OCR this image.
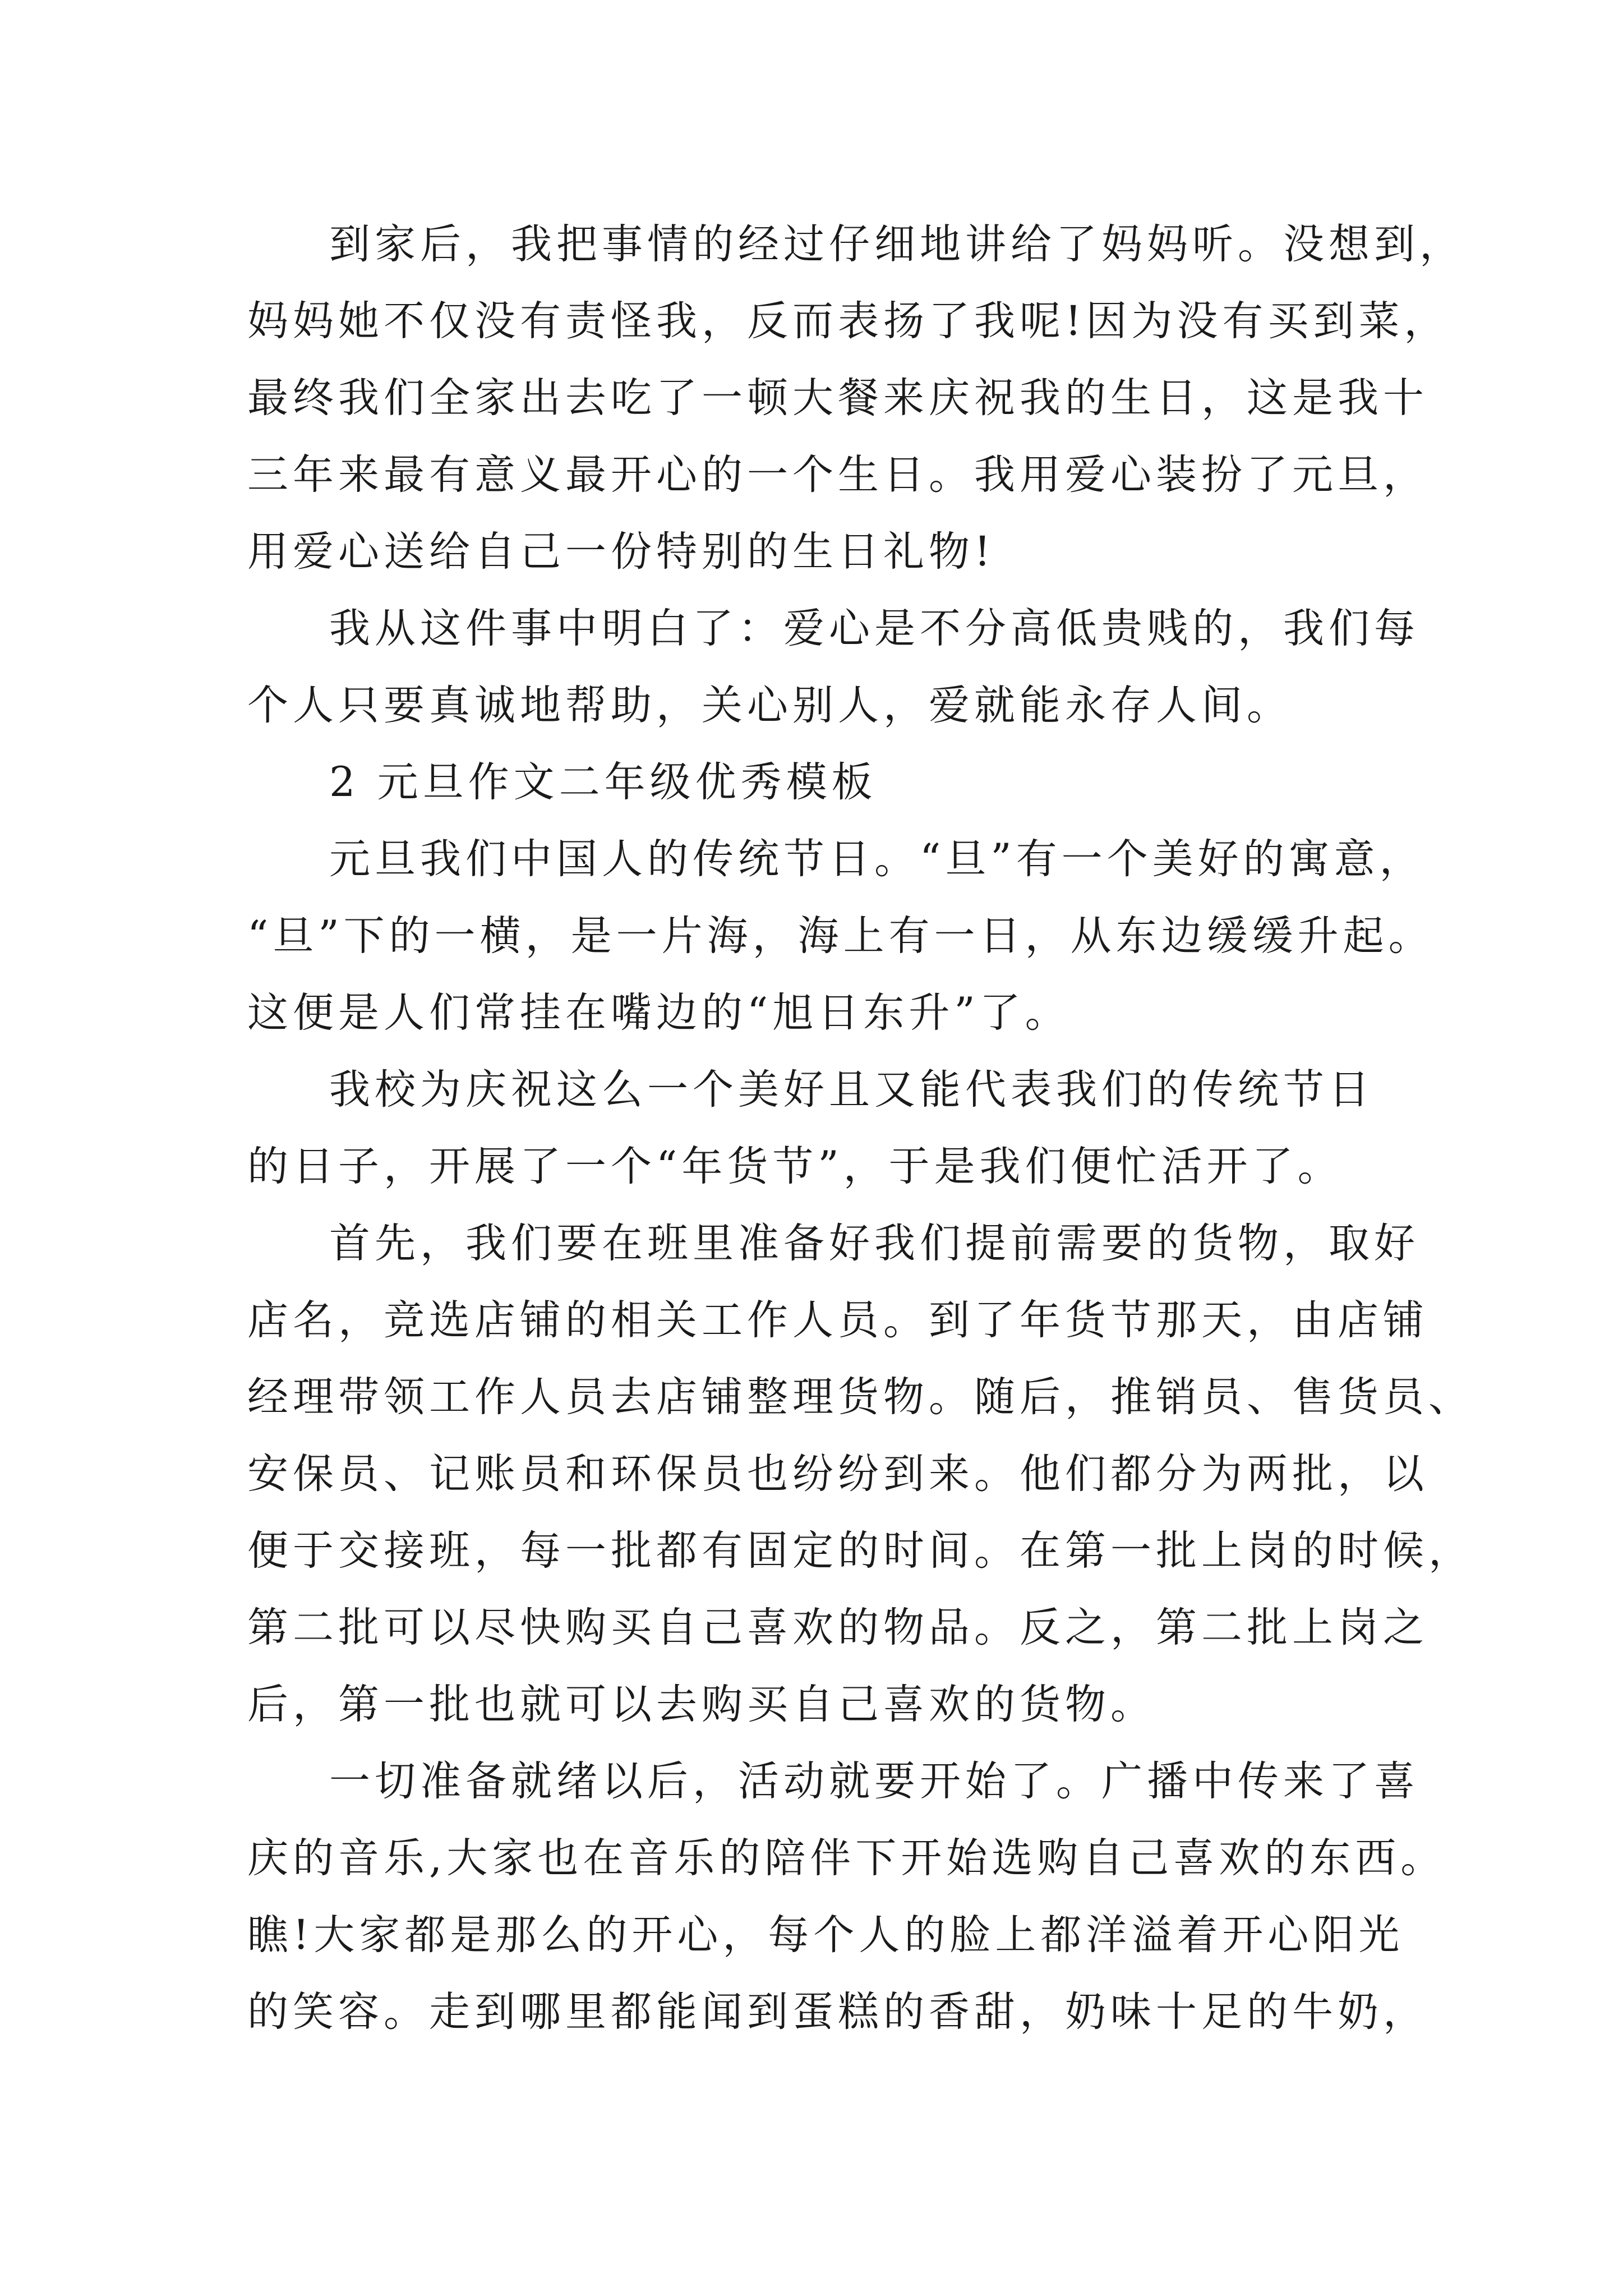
到家后，我把事情的经过仔细地讲给了妈妈听。没想到，
妈妈她不仅没有责怪我，反而表扬了我呢!因为没有买到菜，
最终我们全家出去吃了一顿大餐来庆祝我的生日，这是我十
三年来最有意义最开心的一个生日。我用爱心装扮了元旦，
用爱心送给自己一份特别的生日礼物!
我从这件事中明白了：爱心是不分高低贵贱的，我们每
个人只要真诚地帮助，关心别人，爱就能永存人间。
2 元旦作文二年级优秀模板
元旦我们中国人的传统节日。“旦”有一个美好的寓意，
“旦”下的一横，是一片海，海上有一日，从东边缓缓升起。
这便是人们常挂在嘴边的“旭日东升”了。
我校为庆祝这么一个美好且又能代表我们的传统节日
的日子，开展了一个“年货节”，于是我们便忙活开了。
首先，我们要在班里准备好我们提前需要的货物，取好
店名，竞选店铺的相关工作人员。到了年货节那天，由店铺
经理带领工作人员去店铺整理货物。随后，推销员、售货员、
安保员、记账员和环保员也纷纷到来。他们都分为两批，以
便于交接班，每一批都有固定的时间。在第一批上岗的时候，
第二批可以尽快购买自己喜欢的物品。反之，第二批上岗之
后，第一批也就可以去购买自己喜欢的货物。
一切准备就绪以后，活动就要开始了。广播中传来了喜
庆的音乐,大家也在音乐的陪伴下开始选购自己喜欢的东西。
瞧!大家都是那么的开心，每个人的脸上都洋溢着开心阳光
的笑容。走到哪里都能闻到蛋糕的香甜，奶味十足的牛奶，
